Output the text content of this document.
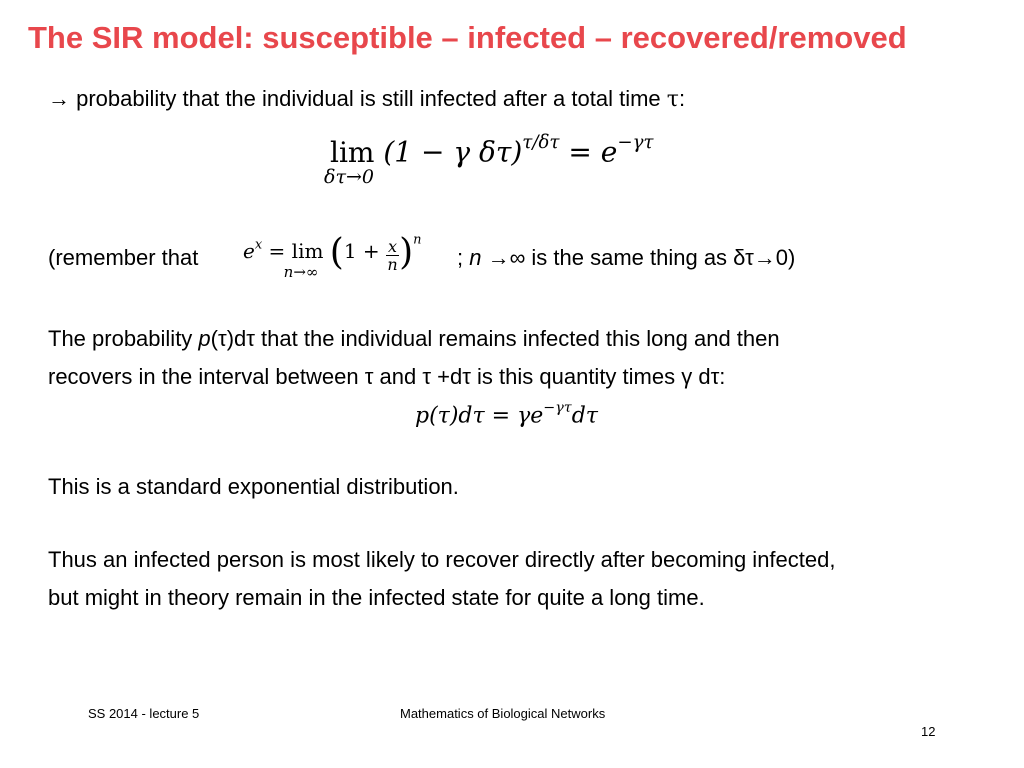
The SIR model: susceptible – infected – recovered/removed
→ probability that the individual is still infected after a total time τ:
lim
δτ→0
(1 − γ $\delta\tau)^{\tau/\delta\tau} = e^{-\gamma\tau}$
(remember that $e^x = \lim$
n→∞ $(1 + \frac{x}{n} )^n$
; n →∞ is the same thing as δτ→0)
The probability p(τ)dτ that the individual remains infected this long and then
recovers in the interval between τ and τ +dτ is this quantity times γ dτ:
$p(\tau)d\tau = \gamma e^{-\gamma\tau}d\tau$
This is a standard exponential distribution.
Thus an infected person is most likely to recover directly after becoming infected,
but might in theory remain in the infected state for quite a long time.
SS 2014 - lecture 5	Mathematics of Biological Networks
12
